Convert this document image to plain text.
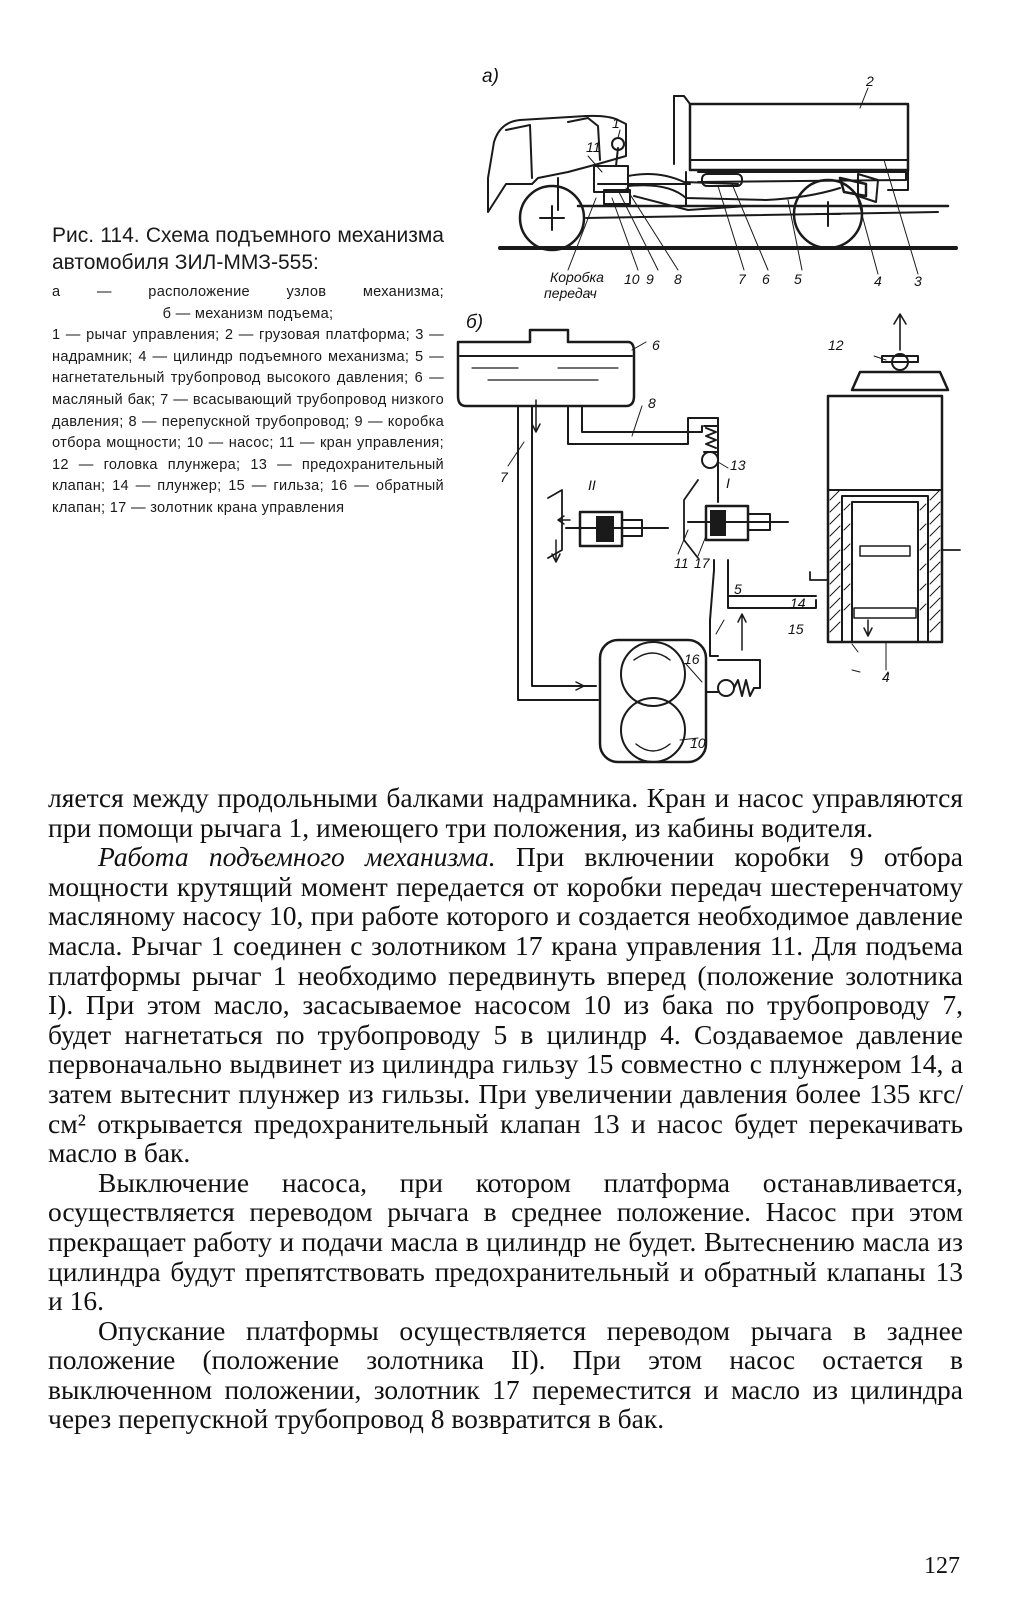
Рис. 114. Схема подъемного механизма автомобиля ЗИЛ-ММЗ-555:
а — расположение узлов механизма;
б — механизм подъема;
1 — рычаг управления; 2 — грузовая платформа; 3 — надрамник; 4 — цилиндр подъемного механизма; 5 — нагнетательный трубопровод высокого давления; 6 — масляный бак; 7 — всасывающий трубопровод низкого давления; 8 — перепускной трубопровод; 9 — коробка отбора мощности; 10 — насос; 11 — кран управления; 12 — головка плунжера; 13 — предохранительный клапан; 14 — плунжер; 15 — гильза; 16 — обратный клапан; 17 — золотник крана управления
а)
1
11
2
10 9 8	7 6 5	4 3
Коробка
передач
б)
II	I
6
8
7
12
13
11 17
5
14
15
16
10
4

ляется между продольными балками надрамника. Кран и насос управляются при помощи рычага 1, имеющего три положения, из кабины водителя.

Работа подъемного механизма. При включении коробки 9 отбора мощности крутящий момент передается от коробки передач шестеренчатому масляному насосу 10, при работе которого и создается необходимое давление масла. Рычаг 1 соединен с золотником 17 крана управления 11. Для подъема платформы рычаг 1 необходимо передвинуть вперед (положение золотника I). При этом масло, засасываемое насосом 10 из бака по трубопроводу 7, будет нагнетаться по трубопроводу 5 в цилиндр 4. Создаваемое давление первоначально выдвинет из цилиндра гильзу 15 совместно с плунжером 14, а затем вытеснит плунжер из гильзы. При увеличении давления более 135 кгс/см² открывается предохранительный клапан 13 и насос будет перекачивать масло в бак.

Выключение насоса, при котором платформа останавливается, осуществляется переводом рычага в среднее положение. Насос при этом прекращает работу и подачи масла в цилиндр не будет. Вытеснению масла из цилиндра будут препятствовать предохранительный и обратный клапаны 13 и 16.

Опускание платформы осуществляется переводом рычага в заднее положение (положение золотника II). При этом насос остается в выключенном положении, золотник 17 переместится и масло из цилиндра через перепускной трубопровод 8 возвратится в бак.

127
